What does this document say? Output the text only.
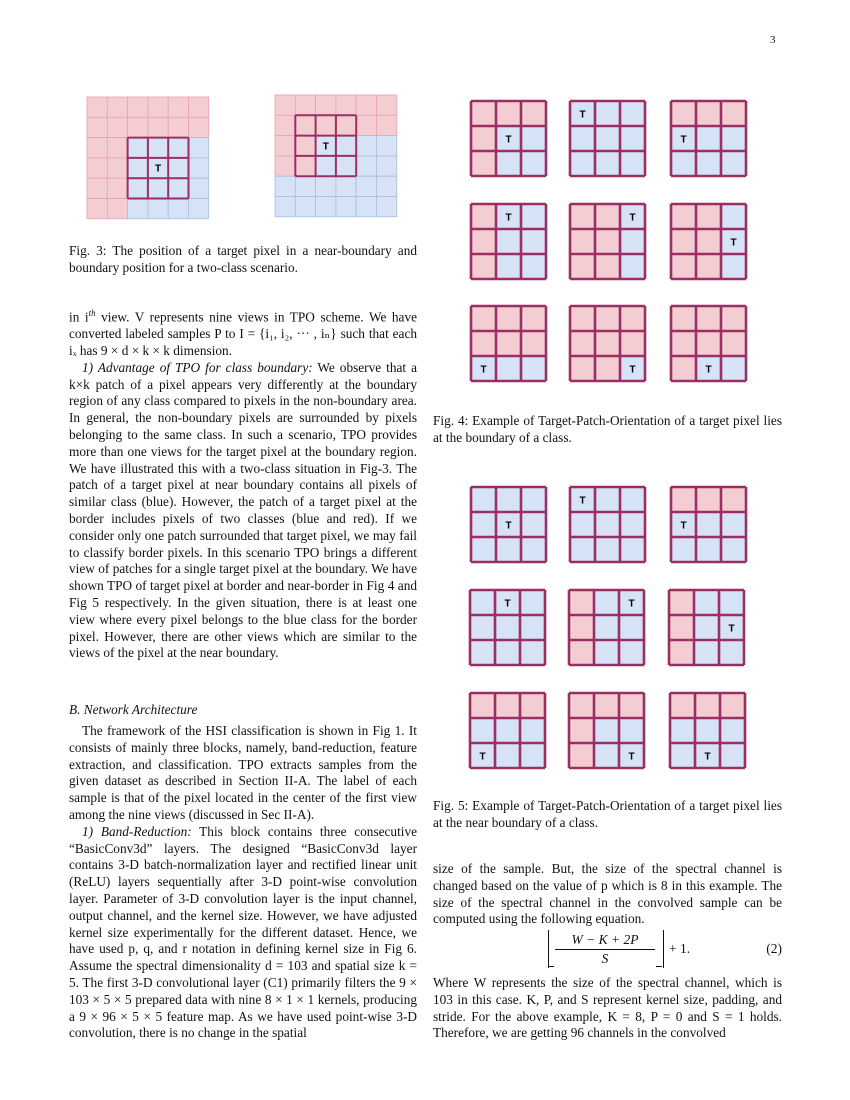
3
T
T
Fig. 3: The position of a target pixel in a near-boundary and boundary position for a two-class scenario.
T
T
T
T	T
T
T	T	T
T
T
T
T	T
T
T	T	T
Fig. 4: Example of Target-Patch-Orientation of a target pixel lies at the boundary of a class.
Fig. 5: Example of Target-Patch-Orientation of a target pixel lies at the near boundary of a class.

in $i^{th}$ view. V represents nine views in TPO scheme. We have converted labeled samples P to I = {i₁, i₂, ··· , iₙ} such that each iₓ has 9 × d × k × k dimension.

1) Advantage of TPO for class boundary: We observe that a k×k patch of a pixel appears very differently at the boundary region of any class compared to pixels in the non-boundary area. In general, the non-boundary pixels are surrounded by pixels belonging to the same class. In such a scenario, TPO provides more than one views for the target pixel at the boundary region. We have illustrated this with a two-class situation in Fig-3. The patch of a target pixel at near boundary contains all pixels of similar class (blue). However, the patch of a target pixel at the border includes pixels of two classes (blue and red). If we consider only one patch surrounded that target pixel, we may fail to classify border pixels. In this scenario TPO brings a different view of patches for a single target pixel at the boundary. We have shown TPO of target pixel at border and near-border in Fig 4 and Fig 5 respectively. In the given situation, there is at least one view where every pixel belongs to the blue class for the border pixel. However, there are other views which are similar to the views of the pixel at the near boundary.

B. Network Architecture

The framework of the HSI classification is shown in Fig 1. It consists of mainly three blocks, namely, band-reduction, feature extraction, and classification. TPO extracts samples from the given dataset as described in Section II-A. The label of each sample is that of the pixel located in the center of the first view among the nine views (discussed in Sec II-A).

1) Band-Reduction: This block contains three consecutive “BasicConv3d” layers. The designed “BasicConv3d layer contains 3-D batch-normalization layer and rectified linear unit (ReLU) layers sequentially after 3-D point-wise convolution layer. Parameter of 3-D convolution layer is the input channel, output channel, and the kernel size. However, we have adjusted kernel size experimentally for the different dataset. Hence, we have used p, q, and r notation in defining kernel size in Fig 6. Assume the spectral dimensionality d = 103 and spatial size k = 5. The first 3-D convolutional layer (C1) primarily filters the 9 × 103 × 5 × 5 prepared data with nine 8 × 1 × 1 kernels, producing a 9 × 96 × 5 × 5 feature map. As we have used point-wise 3-D convolution, there is no change in the spatial

size of the sample. But, the size of the spectral channel is changed based on the value of p which is 8 in this example. The size of the spectral channel in the convolved sample can be computed using the following equation.

W − K + 2P
S
+ 1.	(2)

Where W represents the size of the spectral channel, which is 103 in this case. K, P, and S represent kernel size, padding, and stride. For the above example, K = 8, P = 0 and S = 1 holds. Therefore, we are getting 96 channels in the convolved
